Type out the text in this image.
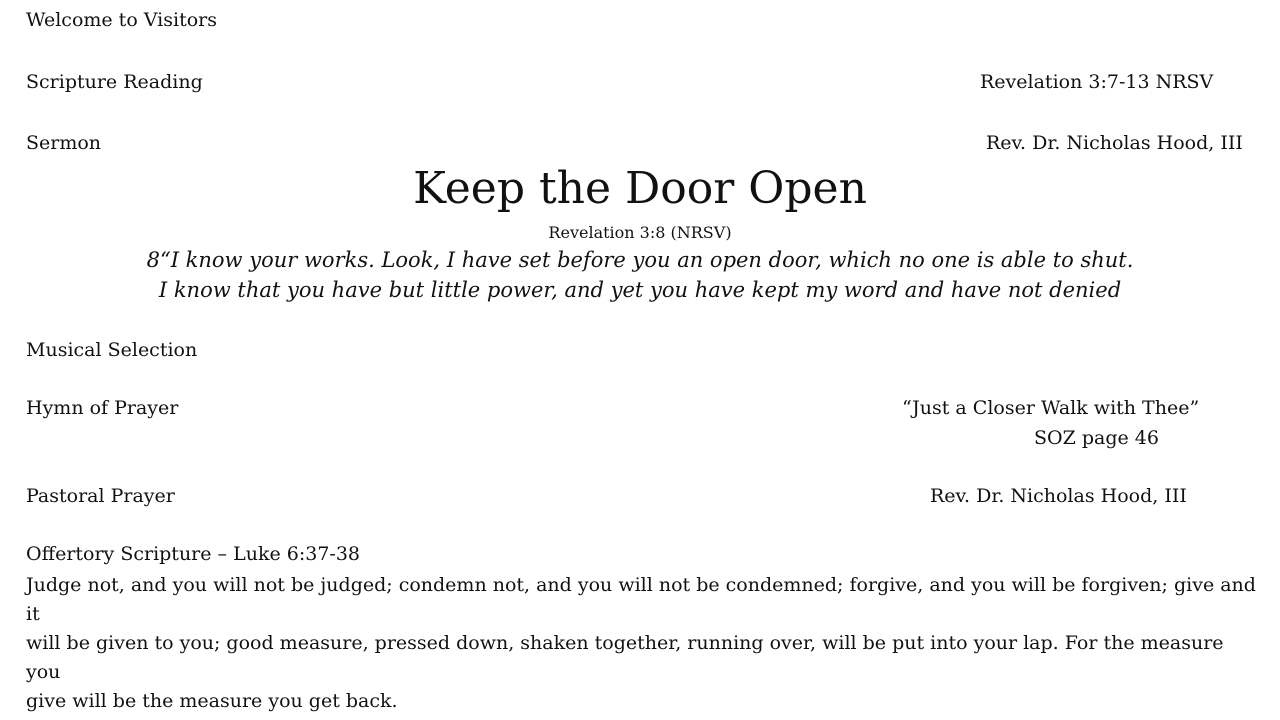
Welcome to Visitors
Scripture Reading	Revelation 3:7-13 NRSV
Sermon	Rev. Dr. Nicholas Hood, III
Keep the Door Open
Revelation 3:8 (NRSV)
8“I know your works. Look, I have set before you an open door, which no one is able to shut.
I know that you have but little power, and yet you have kept my word and have not denied
Musical Selection
Hymn of Prayer	“Just a Closer Walk with Thee”
SOZ page 46
Pastoral Prayer	Rev. Dr. Nicholas Hood, III
Offertory Scripture – Luke 6:37-38
Judge not, and you will not be judged; condemn not, and you will not be condemned; forgive, and you will be forgiven; give and it
will be given to you; good measure, pressed down, shaken together, running over, will be put into your lap. For the measure you
give will be the measure you get back.
